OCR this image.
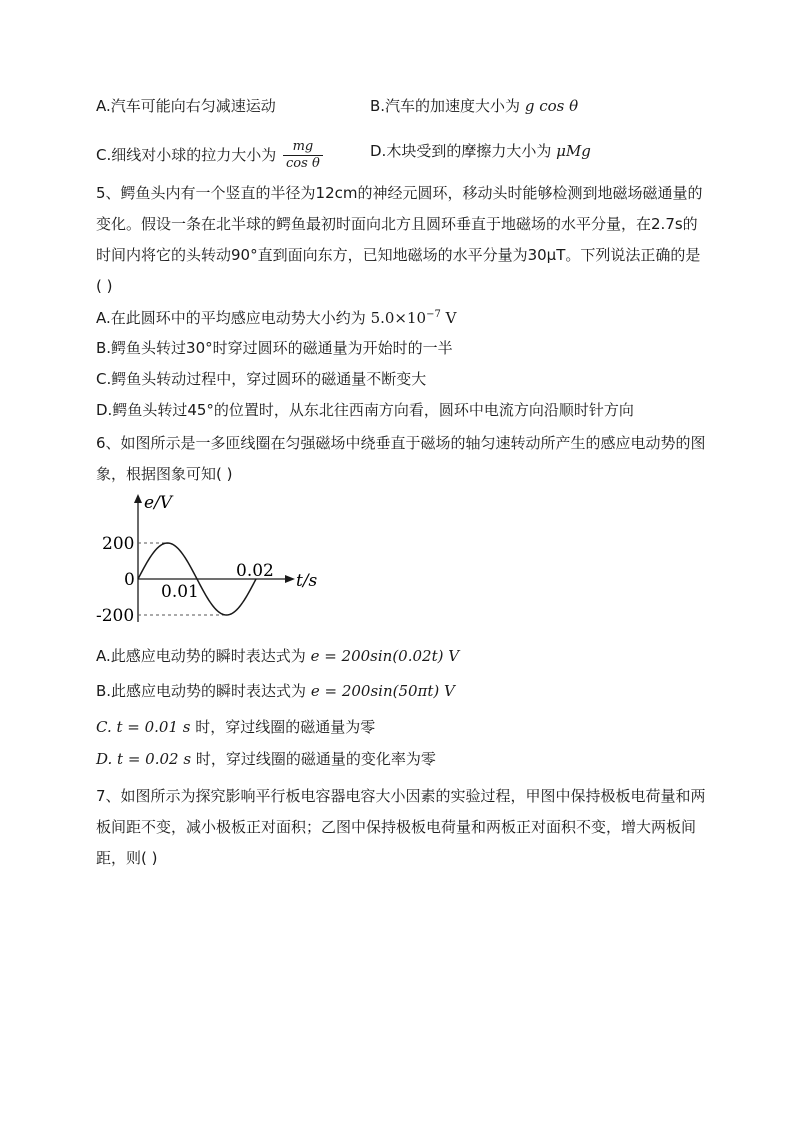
A.汽车可能向右匀减速运动	B.汽车的加速度大小为 g cos θ
C.细线对小球的拉力大小为 $\frac{mg}{\text{cos θ}}$	D.木块受到的摩擦力大小为 μMg
5、鳄鱼头内有一个竖直的半径为12cm的神经元圆环，移动头时能够检测到地磁场磁通量的变化。假设一条在北半球的鳄鱼最初时面向北方且圆环垂直于地磁场的水平分量，在2.7s的时间内将它的头转动90°直到面向东方，已知地磁场的水平分量为30μT。下列说法正确的是( )
A.在此圆环中的平均感应电动势大小约为 $5.0\times 10^{-7}$ V
B.鳄鱼头转过30°时穿过圆环的磁通量为开始时的一半
C.鳄鱼头转动过程中，穿过圆环的磁通量不断变大
D.鳄鱼头转过45°的位置时，从东北往西南方向看，圆环中电流方向沿顺时针方向
6、如图所示是一多匝线圈在匀强磁场中绕垂直于磁场的轴匀速转动所产生的感应电动势的图象，根据图象可知( )
e/V
t/s
200
0
-200
0.01
0.02
A.此感应电动势的瞬时表达式为 e = 200sin(0.02t) V
B.此感应电动势的瞬时表达式为 e = 200sin(50πt) V
C. t = 0.01 s 时，穿过线圈的磁通量为零
D. t = 0.02 s 时，穿过线圈的磁通量的变化率为零
7、如图所示为探究影响平行板电容器电容大小因素的实验过程，甲图中保持极板电荷量和两板间距不变，减小极板正对面积；乙图中保持极板电荷量和两板正对面积不变，增大两板间距，则( )
